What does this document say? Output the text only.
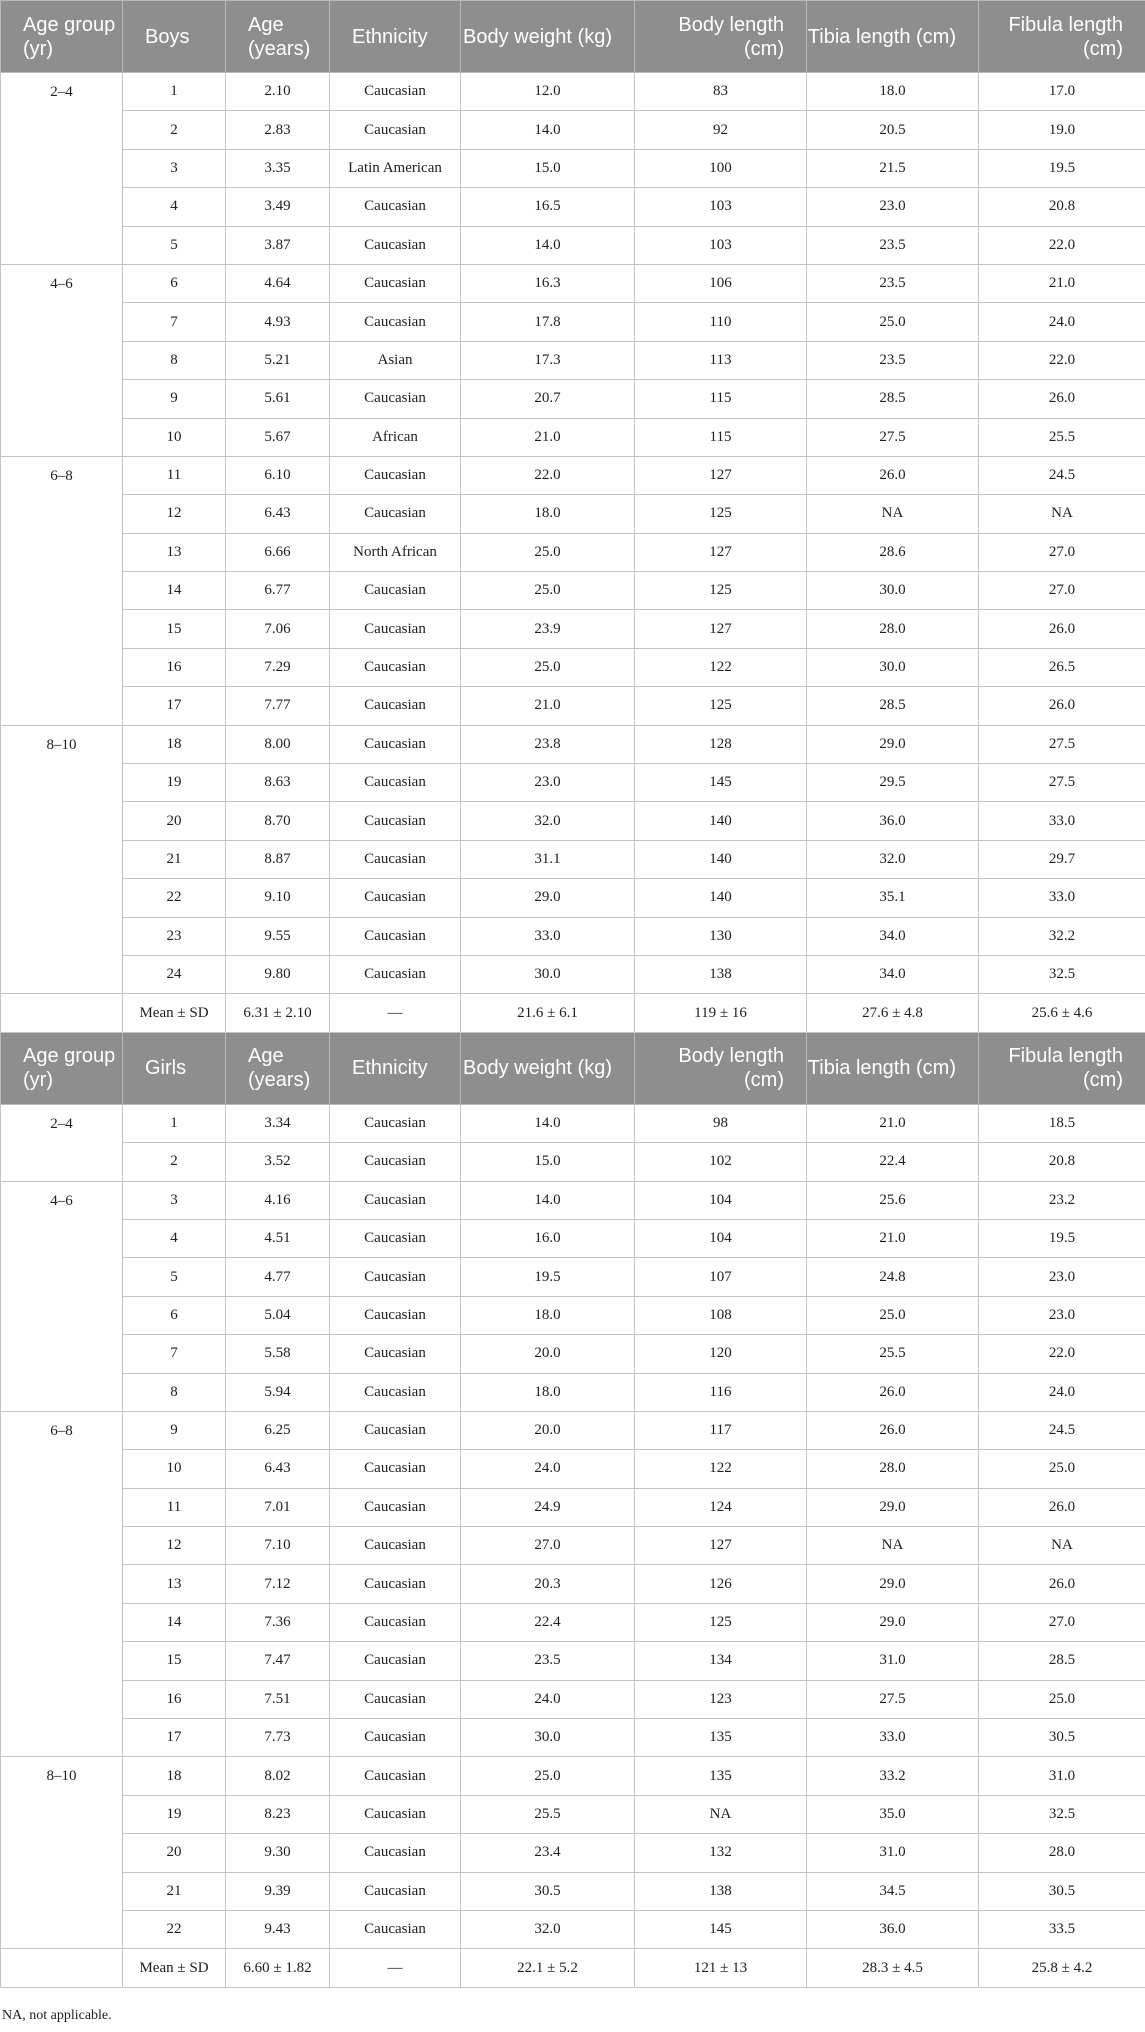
Age group (yr)	Boys	Age (years)	Ethnicity	Body weight (kg)	Body length (cm)	Tibia length (cm)	Fibula length (cm)
2–4	1	2.10	Caucasian	12.0	83	18.0	17.0
	2	2.83	Caucasian	14.0	92	20.5	19.0
	3	3.35	Latin American	15.0	100	21.5	19.5
	4	3.49	Caucasian	16.5	103	23.0	20.8
	5	3.87	Caucasian	14.0	103	23.5	22.0
4–6	6	4.64	Caucasian	16.3	106	23.5	21.0
	7	4.93	Caucasian	17.8	110	25.0	24.0
	8	5.21	Asian	17.3	113	23.5	22.0
	9	5.61	Caucasian	20.7	115	28.5	26.0
	10	5.67	African	21.0	115	27.5	25.5
6–8	11	6.10	Caucasian	22.0	127	26.0	24.5
	12	6.43	Caucasian	18.0	125	NA	NA
	13	6.66	North African	25.0	127	28.6	27.0
	14	6.77	Caucasian	25.0	125	30.0	27.0
	15	7.06	Caucasian	23.9	127	28.0	26.0
	16	7.29	Caucasian	25.0	122	30.0	26.5
	17	7.77	Caucasian	21.0	125	28.5	26.0
8–10	18	8.00	Caucasian	23.8	128	29.0	27.5
	19	8.63	Caucasian	23.0	145	29.5	27.5
	20	8.70	Caucasian	32.0	140	36.0	33.0
	21	8.87	Caucasian	31.1	140	32.0	29.7
	22	9.10	Caucasian	29.0	140	35.1	33.0
	23	9.55	Caucasian	33.0	130	34.0	32.2
	24	9.80	Caucasian	30.0	138	34.0	32.5
	Mean ± SD	6.31 ± 2.10	—	21.6 ± 6.1	119 ± 16	27.6 ± 4.8	25.6 ± 4.6
Age group (yr)	Girls	Age (years)	Ethnicity	Body weight (kg)	Body length (cm)	Tibia length (cm)	Fibula length (cm)
2–4	1	3.34	Caucasian	14.0	98	21.0	18.5
	2	3.52	Caucasian	15.0	102	22.4	20.8
4–6	3	4.16	Caucasian	14.0	104	25.6	23.2
	4	4.51	Caucasian	16.0	104	21.0	19.5
	5	4.77	Caucasian	19.5	107	24.8	23.0
	6	5.04	Caucasian	18.0	108	25.0	23.0
	7	5.58	Caucasian	20.0	120	25.5	22.0
	8	5.94	Caucasian	18.0	116	26.0	24.0
6–8	9	6.25	Caucasian	20.0	117	26.0	24.5
	10	6.43	Caucasian	24.0	122	28.0	25.0
	11	7.01	Caucasian	24.9	124	29.0	26.0
	12	7.10	Caucasian	27.0	127	NA	NA
	13	7.12	Caucasian	20.3	126	29.0	26.0
	14	7.36	Caucasian	22.4	125	29.0	27.0
	15	7.47	Caucasian	23.5	134	31.0	28.5
	16	7.51	Caucasian	24.0	123	27.5	25.0
	17	7.73	Caucasian	30.0	135	33.0	30.5
8–10	18	8.02	Caucasian	25.0	135	33.2	31.0
	19	8.23	Caucasian	25.5	NA	35.0	32.5
	20	9.30	Caucasian	23.4	132	31.0	28.0
	21	9.39	Caucasian	30.5	138	34.5	30.5
	22	9.43	Caucasian	32.0	145	36.0	33.5
	Mean ± SD	6.60 ± 1.82	—	22.1 ± 5.2	121 ± 13	28.3 ± 4.5	25.8 ± 4.2
NA, not applicable.
